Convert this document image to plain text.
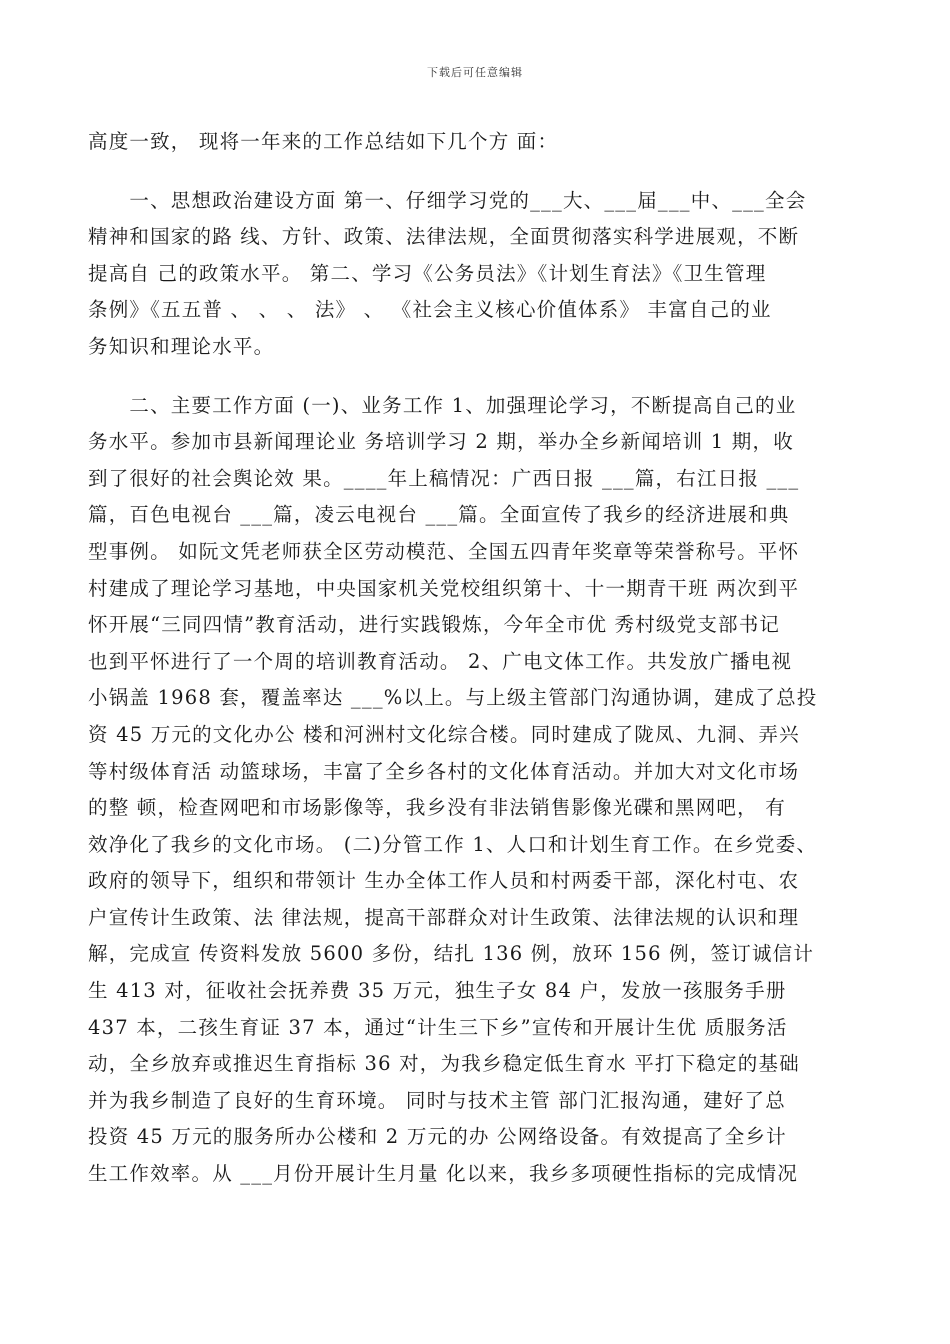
下载后可任意编辑
高度一致， 现将一年来的工作总结如下几个方 面：
　　一、思想政治建设方面 第一、仔细学习党的___大、___届___中、___全会
精神和国家的路 线、方针、政策、法律法规，全面贯彻落实科学进展观，不断
提高自 己的政策水平。 第二、学习《公务员法》《计划生育法》《卫生管理
条例》《五五普 、 、 、 法》 、 《社会主义核心价值体系》 丰富自己的业
务知识和理论水平。
　　二、主要工作方面 (一)、业务工作 1、加强理论学习，不断提高自己的业
务水平。参加市县新闻理论业 务培训学习 2 期，举办全乡新闻培训 1 期，收
到了很好的社会舆论效 果。____年上稿情况：广西日报 ___篇，右江日报 ___
篇，百色电视台 ___篇，凌云电视台 ___篇。全面宣传了我乡的经济进展和典
型事例。 如阮文凭老师获全区劳动模范、全国五四青年奖章等荣誉称号。平怀
村建成了理论学习基地，中央国家机关党校组织第十、十一期青干班 两次到平
怀开展“三同四情”教育活动，进行实践锻炼，今年全市优 秀村级党支部书记
也到平怀进行了一个周的培训教育活动。 2、广电文体工作。共发放广播电视
小锅盖 1968 套，覆盖率达 ___%以上。与上级主管部门沟通协调，建成了总投
资 45 万元的文化办公 楼和河洲村文化综合楼。同时建成了陇凤、九洞、弄兴
等村级体育活 动篮球场，丰富了全乡各村的文化体育活动。并加大对文化市场
的整 顿，检查网吧和市场影像等，我乡没有非法销售影像光碟和黑网吧， 有
效净化了我乡的文化市场。 (二)分管工作 1、人口和计划生育工作。在乡党委、
政府的领导下，组织和带领计 生办全体工作人员和村两委干部，深化村屯、农
户宣传计生政策、法 律法规，提高干部群众对计生政策、法律法规的认识和理
解，完成宣 传资料发放 5600 多份，结扎 136 例，放环 156 例，签订诚信计
生 413 对，征收社会抚养费 35 万元，独生子女 84 户，发放一孩服务手册
437 本，二孩生育证 37 本，通过“计生三下乡”宣传和开展计生优 质服务活
动，全乡放弃或推迟生育指标 36 对，为我乡稳定低生育水 平打下稳定的基础
并为我乡制造了良好的生育环境。 同时与技术主管 部门汇报沟通，建好了总
投资 45 万元的服务所办公楼和 2 万元的办 公网络设备。有效提高了全乡计
生工作效率。从 ___月份开展计生月量 化以来，我乡多项硬性指标的完成情况
